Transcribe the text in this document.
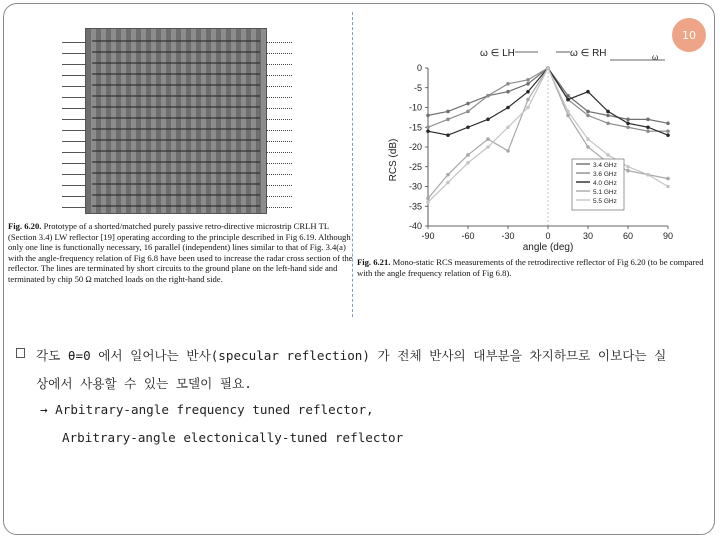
10
Fig. 6.20. Prototype of a shorted/matched purely passive retro-directive microstrip CRLH TL (Section 3.4) LW reflector [19] operating according to the principle described in Fig 6.19. Although only one line is functionally necessary, 16 parallel (independent) lines similar to that of Fig. 3.4(a) with the angle-frequency relation of Fig 6.8 have been used to increase the radar cross section of the reflector. The lines are terminated by short circuits to the ground plane on the left-hand side and terminated by chip 50 Ω matched loads on the right-hand side.
RCS (dB)
angle (deg)
ω ∈ LH	ω ∈ RH	ω
-90	-60	-30	0	30	60	90
0
-5
-10
-15
-20
-25
-30
-35
-40
3.4 GHz
3.6 GHz
4.0 GHz
5.1 GHz
5.5 GHz
Fig. 6.21. Mono-static RCS measurements of the retrodirective reflector of Fig 6.20 (to be compared with the angle frequency relation of Fig 6.8).
각도 θ=0 에서 일어나는 반사(specular reflection) 가 전체 반사의 대부분을 차지하므로 이보다는 실
상에서 사용할 수 있는 모델이 필요.
→ Arbitrary-angle frequency tuned reflector,
Arbitrary-angle electonically-tuned reflector
